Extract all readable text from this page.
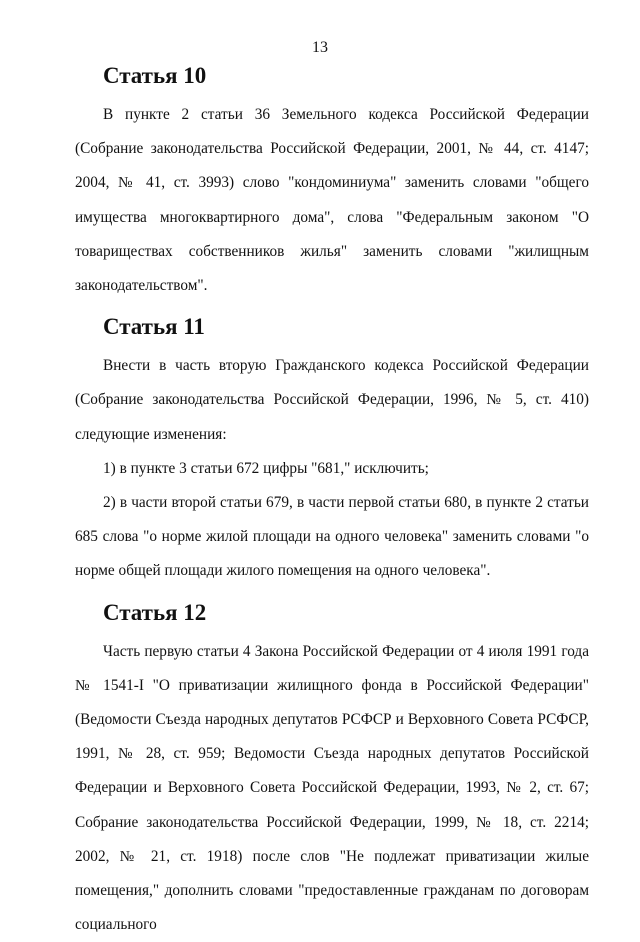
13
Статья 10

В пункте 2 статьи 36 Земельного кодекса Российской Федерации (Собрание законодательства Российской Федерации, 2001, № 44, ст. 4147; 2004, № 41, ст. 3993) слово "кондоминиума" заменить словами "общего имущества многоквартирного дома", слова "Федеральным законом "О товариществах собственников жилья" заменить словами "жилищным законодательством".

Статья 11

Внести в часть вторую Гражданского кодекса Российской Федерации (Собрание законодательства Российской Федерации, 1996, № 5, ст. 410) следующие изменения:

1) в пункте 3 статьи 672 цифры "681," исключить;

2) в части второй статьи 679, в части первой статьи 680, в пункте 2 статьи 685 слова "о норме жилой площади на одного человека" заменить словами "о норме общей площади жилого помещения на одного человека".

Статья 12

Часть первую статьи 4 Закона Российской Федерации от 4 июля 1991 года № 1541-I "О приватизации жилищного фонда в Российской Федерации" (Ведомости Съезда народных депутатов РСФСР и Верховного Совета РСФСР, 1991, № 28, ст. 959; Ведомости Съезда народных депутатов Российской Федерации и Верховного Совета Российской Федерации, 1993, № 2, ст. 67; Собрание законодательства Российской Федерации, 1999, № 18, ст. 2214; 2002, № 21, ст. 1918) после слов "Не подлежат приватизации жилые помещения," дополнить словами "предоставленные гражданам по договорам социального
